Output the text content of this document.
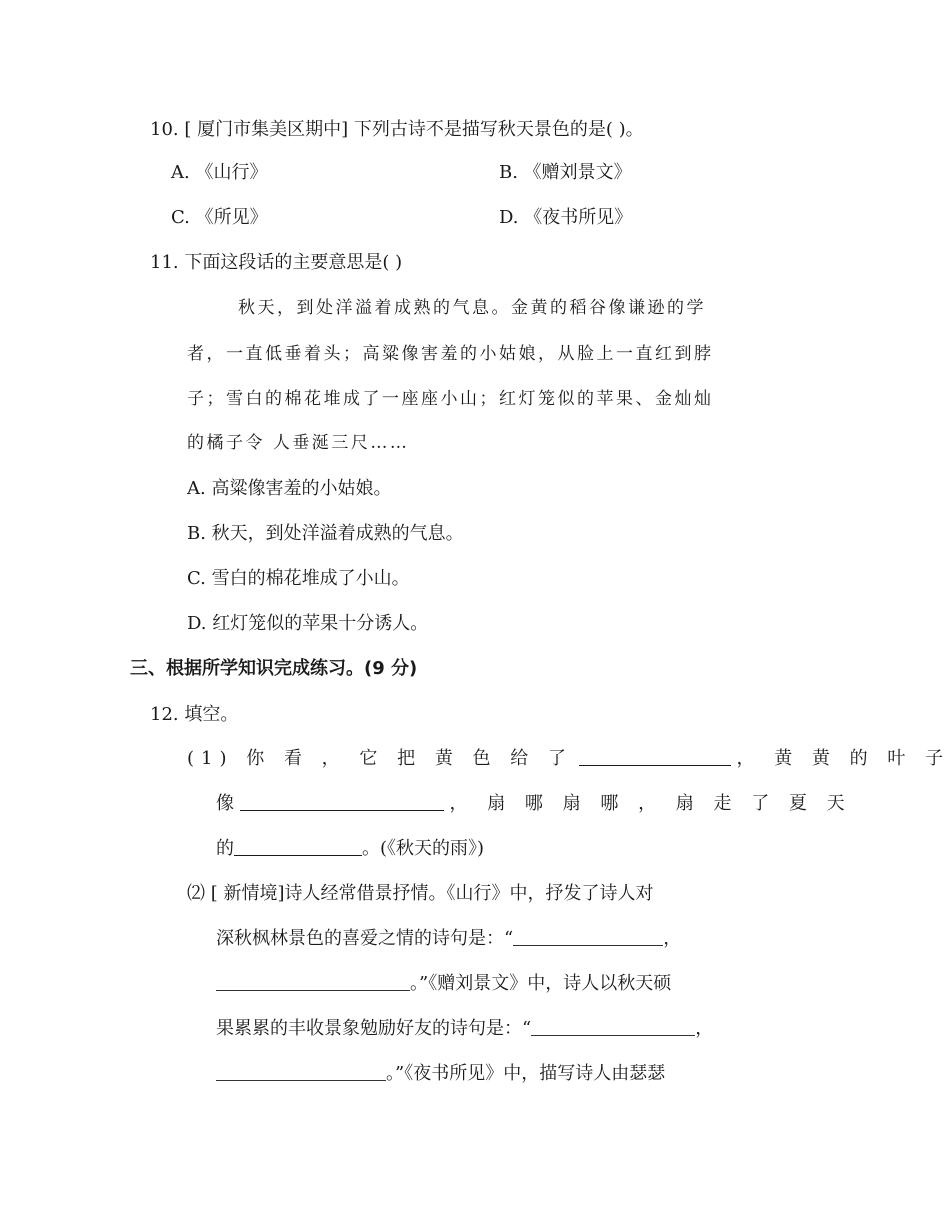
10. [ 厦门市集美区期中] 下列古诗不是描写秋天景色的是( )。
A. 《山行》	B. 《赠刘景文》
C. 《所见》	D. 《夜书所见》
11. 下面这段话的主要意思是( )
秋天，到处洋溢着成熟的气息。金黄的稻谷像谦逊的学
者，一直低垂着头；高粱像害羞的小姑娘，从脸上一直红到脖
子；雪白的棉花堆成了一座座小山；红灯笼似的苹果、金灿灿
的橘子令 人垂涎三尺……
A. 高粱像害羞的小姑娘。
B. 秋天，到处洋溢着成熟的气息。
C. 雪白的棉花堆成了小山。
D. 红灯笼似的苹果十分诱人。
三、根据所学知识完成练习。(9 分)
12. 填空。
(1) 你 看 ， 它 把 黄 色 给 了	， 黄 黄 的 叶 子
像	， 扇 哪 扇 哪 ， 扇 走 了 夏 天
的	。(《秋天的雨》)
⑵ [ 新情境]诗人经常借景抒情。《山行》中，抒发了诗人对
深秋枫林景色的喜爱之情的诗句是：“	，
。”《赠刘景文》中，诗人以秋天硕
果累累的丰收景象勉励好友的诗句是：“	，
。”《夜书所见》中，描写诗人由瑟瑟
